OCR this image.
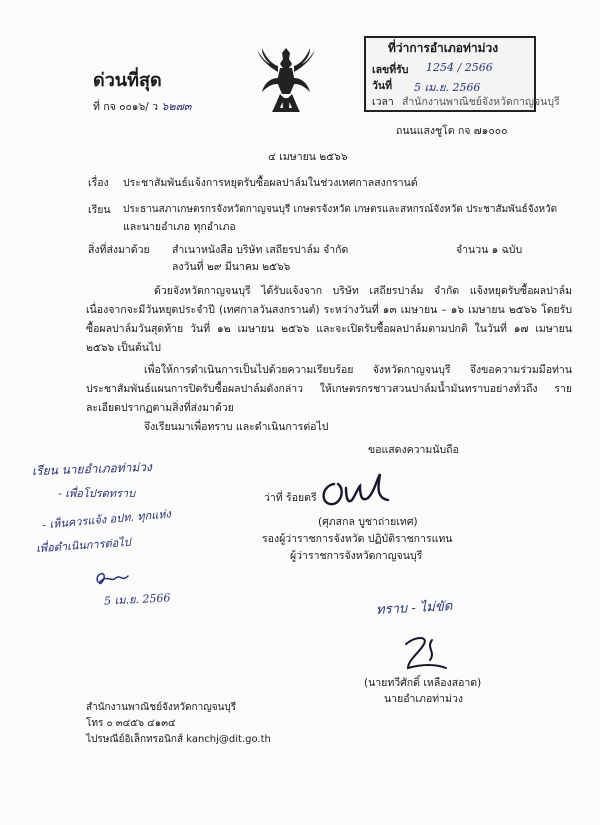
ด่วนที่สุด
ที่ กจ ๐๐๑๖/ ว ๖๒๗๓
ถนนแสงชูโต กจ ๗๑๐๐๐
๔ เมษายน ๒๕๖๖
ที่ว่าการอำเภอท่าม่วง
เลขที่รับ 1254 / 2566
วันที่ 5 เม.ย. 2566
เวลา สำนักงานพาณิชย์จังหวัดกาญจนบุรี
เรื่อง ประชาสัมพันธ์แจ้งการหยุดรับซื้อผลปาล์มในช่วงเทศกาลสงกรานต์
เรียน ประธานสภาเกษตรกรจังหวัดกาญจนบุรี เกษตรจังหวัด เกษตรและสหกรณ์จังหวัด ประชาสัมพันธ์จังหวัด
และนายอำเภอ ทุกอำเภอ
สิ่งที่ส่งมาด้วย สำเนาหนังสือ บริษัท เสถียรปาล์ม จำกัด
ลงวันที่ ๒๙ มีนาคม ๒๕๖๖
จำนวน ๑ ฉบับ
ด้วยจังหวัดกาญจนบุรี ได้รับแจ้งจาก บริษัท เสถียรปาล์ม จำกัด แจ้งหยุดรับซื้อผลปาล์ม เนื่องจากจะมีวันหยุดประจำปี (เทศกาลวันสงกรานต์) ระหว่างวันที่ ๑๓ เมษายน – ๑๖ เมษายน ๒๕๖๖ โดยรับซื้อผลปาล์มวันสุดท้าย วันที่ ๑๒ เมษายน ๒๕๖๖ และจะเปิดรับซื้อผลปาล์มตามปกติ ในวันที่ ๑๗ เมษายน ๒๕๖๖ เป็นต้นไป
เพื่อให้การดำเนินการเป็นไปด้วยความเรียบร้อย จังหวัดกาญจนบุรี จึงขอความร่วมมือท่าน ประชาสัมพันธ์แผนการปิดรับซื้อผลปาล์มดังกล่าว ให้เกษตรกรชาวสวนปาล์มน้ำมันทราบอย่างทั่วถึง รายละเอียดปรากฏตามสิ่งที่ส่งมาด้วย
จึงเรียนมาเพื่อทราบ และดำเนินการต่อไป
ขอแสดงความนับถือ
ว่าที่ ร้อยตรี
(ศุภสกล บูชาถ่ายเทศ)
รองผู้ว่าราชการจังหวัด ปฏิบัติราชการแทน
ผู้ว่าราชการจังหวัดกาญจนบุรี
เรียน นายอำเภอท่าม่วง
- เพื่อโปรดทราบ
- เห็นควรแจ้ง อปท. ทุกแห่ง
เพื่อดำเนินการต่อไป
5 เม.ย. 2566	ทราบ - ไม่ขัด
(นายทวีศักดิ์ เหลืองสอาด)
นายอำเภอท่าม่วง
สำนักงานพาณิชย์จังหวัดกาญจนบุรี
โทร ๐ ๓๔๕๖ ๔๑๓๔
ไปรษณีย์อิเล็กทรอนิกส์ kanchj@dit.go.th
